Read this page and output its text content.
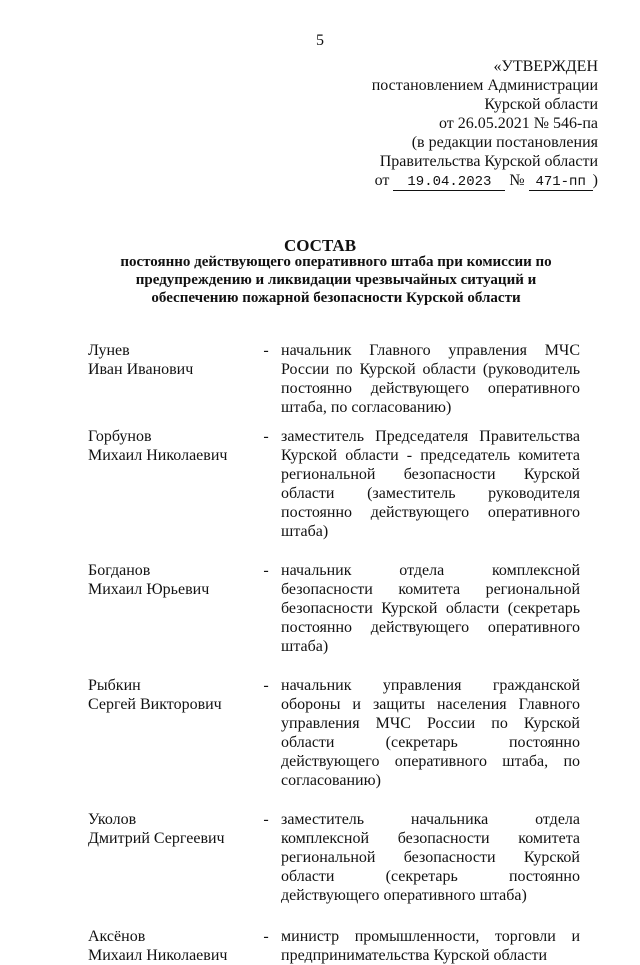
5
«УТВЕРЖДЕН
постановлением Администрации
Курской области
от 26.05.2021 № 546-па
(в редакции постановления
Правительства Курской области
от 19.04.2023 № 471-пп )
СОСТАВ
постоянно действующего оперативного штаба при комиссии по предупреждению и ликвидации чрезвычайных ситуаций и обеспечению пожарной безопасности Курской области
Лунев
Иван Иванович
- начальник Главного управления МЧС России по Курской области (руководитель постоянно действующего оперативного штаба, по согласованию)
Горбунов
Михаил Николаевич
- заместитель Председателя Правительства Курской области - председатель комитета региональной безопасности Курской области (заместитель руководителя постоянно действующего оперативного штаба)
Богданов
Михаил Юрьевич
- начальник отдела комплексной безопасности комитета региональной безопасности Курской области (секретарь постоянно действующего оперативного штаба)
Рыбкин
Сергей Викторович
- начальник управления гражданской обороны и защиты населения Главного управления МЧС России по Курской области (секретарь постоянно действующего оперативного штаба, по согласованию)
Уколов
Дмитрий Сергеевич
- заместитель начальника отдела комплексной безопасности комитета региональной безопасности Курской области (секретарь постоянно действующего оперативного штаба)
Аксёнов
Михаил Николаевич
- министр промышленности, торговли и предпринимательства Курской области
